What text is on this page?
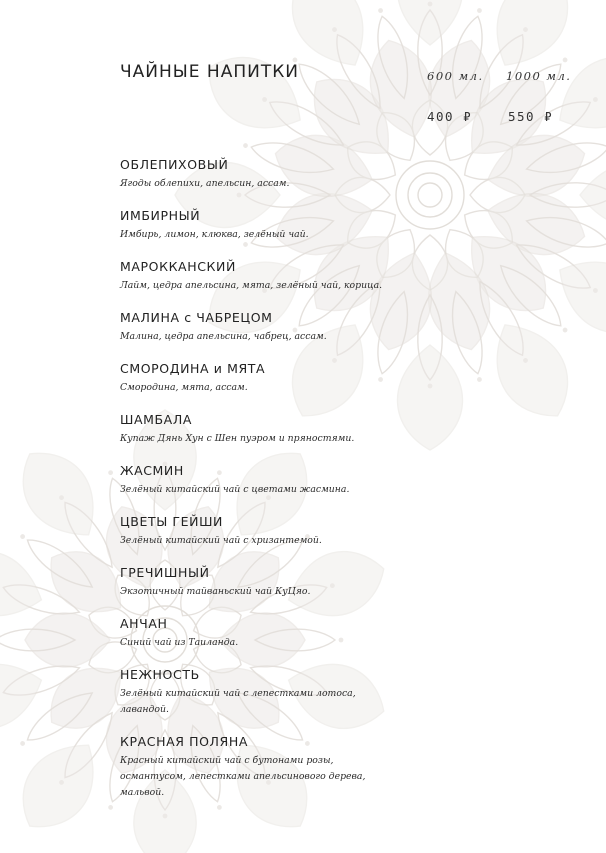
ЧАЙНЫЕ НАПИТКИ	600 мл. 1000 мл.
400 ₽	550 ₽
ОБЛЕПИХОВЫЙ
Ягоды облепихи, апельсин, ассам.
ИМБИРНЫЙ
Имбирь, лимон, клюква, зелёный чай.
МАРОККАНСКИЙ
Лайм, цедра апельсина, мята, зелёный чай, корица.
МАЛИНА с ЧАБРЕЦОМ
Малина, цедра апельсина, чабрец, ассам.
СМОРОДИНА и МЯТА
Смородина, мята, ассам.
ШАМБАЛА
Купаж Дянь Хун с Шен пуэром и пряностями.
ЖАСМИН
Зелёный китайский чай с цветами жасмина.
ЦВЕТЫ ГЕЙШИ
Зелёный китайский чай с хризантемой.
ГРЕЧИШНЫЙ
Экзотичный тайваньский чай КуЦяо.
АНЧАН
Синий чай из Таиланда.
НЕЖНОСТЬ
Зелёный китайский чай с лепестками лотоса,
лавандой.
КРАСНАЯ ПОЛЯНА
Красный китайский чай с бутонами розы,
османтусом, лепестками апельсинового дерева,
мальвой.
